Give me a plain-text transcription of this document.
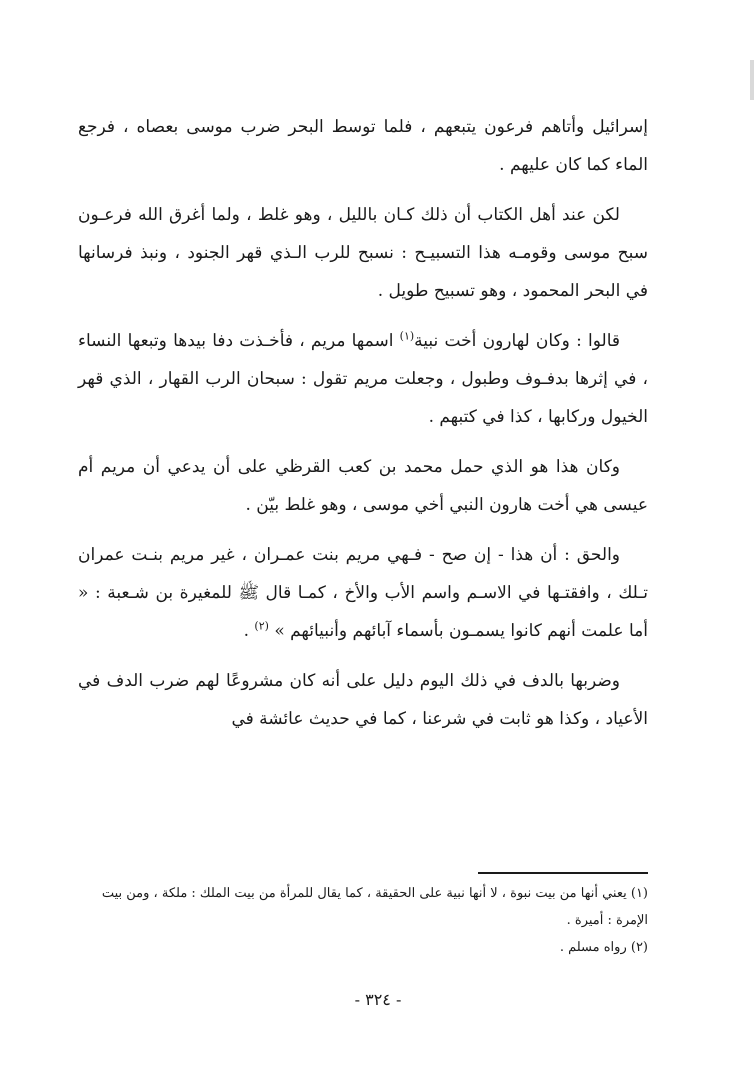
إسرائيل وأتاهم فرعون يتبعهم ، فلما توسط البحر ضرب موسى بعصاه ، فرجع الماء كما كان عليهم .

لكن عند أهل الكتاب أن ذلك كـان بالليل ، وهو غلط ، ولما أغرق الله فرعـون سبح موسى وقومـه هذا التسبيـح : نسبح للرب الـذي قهر الجنود ، ونبذ فرسانها في البحر المحمود ، وهو تسبيح طويل .

قالوا : وكان لهارون أخت نبية$^{(١)}$ اسمها مريم ، فأخـذت دفا بيدها وتبعها النساء ، في إثرها بدفـوف وطبول ، وجعلت مريم تقول : سبحان الرب القهار ، الذي قهر الخيول وركابها ، كذا في كتبهم .

وكان هذا هو الذي حمل محمد بن كعب القرظي على أن يدعي أن مريم أم عيسى هي أخت هارون النبي أخي موسى ، وهو غلط بيّن .

والحق : أن هذا - إن صح - فـهي مريم بنت عمـران ، غير مريم بنـت عمران تـلك ، وافقتـها في الاسـم واسم الأب والأخ ، كمـا قال ﷺ للمغيرة بن شـعبة : « أما علمت أنهم كانوا يسمـون بأسماء آبائهم وأنبيائهم » $^{(٢)}$ .

وضربها بالدف في ذلك اليوم دليل على أنه كان مشروعًا لهم ضرب الدف في الأعياد ، وكذا هو ثابت في شرعنا ، كما في حديث عائشة في

(١) يعني أنها من بيت نبوة ، لا أنها نبية على الحقيقة ، كما يقال للمرأة من بيت الملك : ملكة ، ومن بيت الإمرة : أميرة .

(٢) رواه مسلم .

- ٣٢٤ -
